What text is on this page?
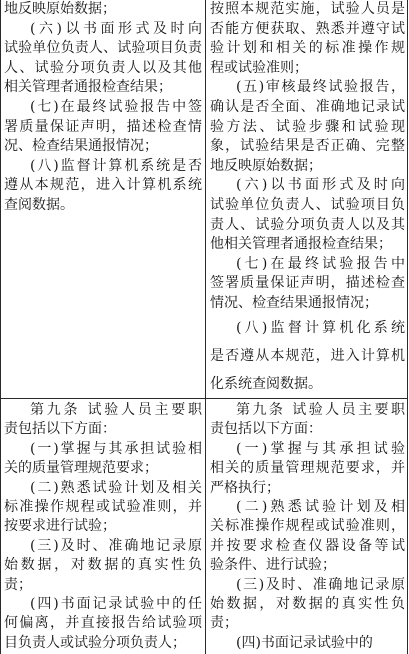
地反映原始数据；
(六)以书面形式及时向
试验单位负责人、试验项目负责
人、试验分项负责人以及其他
相关管理者通报检查结果；
(七)在最终试验报告中签
署质量保证声明，描述检查情
况、检查结果通报情况；
(八)监督计算机系统是否
遵从本规范，进入计算机系统
查阅数据。
按照本规范实施，试验人员是
否能方便获取、熟悉并遵守试
验计划和相关的标准操作规
程或试验准则；
(五)审核最终试验报告，
确认是否全面、准确地记录试
验方法、试验步骤和试验现
象，试验结果是否正确、完整
地反映原始数据；
(六)以书面形式及时向
试验单位负责人、试验项目负
责人、试验分项负责人以及其
他相关管理者通报检查结果；
(七)在最终试验报告中
签署质量保证声明，描述检查
情况、检查结果通报情况；
(八)监督计算机化系统
是否遵从本规范，进入计算机
化系统查阅数据。
第九条 试验人员主要职
责包括以下方面：
(一)掌握与其承担试验相
关的质量管理规范要求；
(二)熟悉试验计划及相关
标准操作规程或试验准则，并
按要求进行试验；
(三)及时、准确地记录原
始数据，对数据的真实性负
责；
(四)书面记录试验中的任
何偏离，并直接报告给试验项
目负责人或试验分项负责人；
第九条 试验人员主要职
责包括以下方面：
(一)掌握与其承担试验
相关的质量管理规范要求，并
严格执行；
(二)熟悉试验计划及相
关标准操作规程或试验准则，
并按要求检查仪器设备等试
验条件、进行试验；
(三)及时、准确地记录原
始数据，对数据的真实性负
责；
(四)书面记录试验中的
